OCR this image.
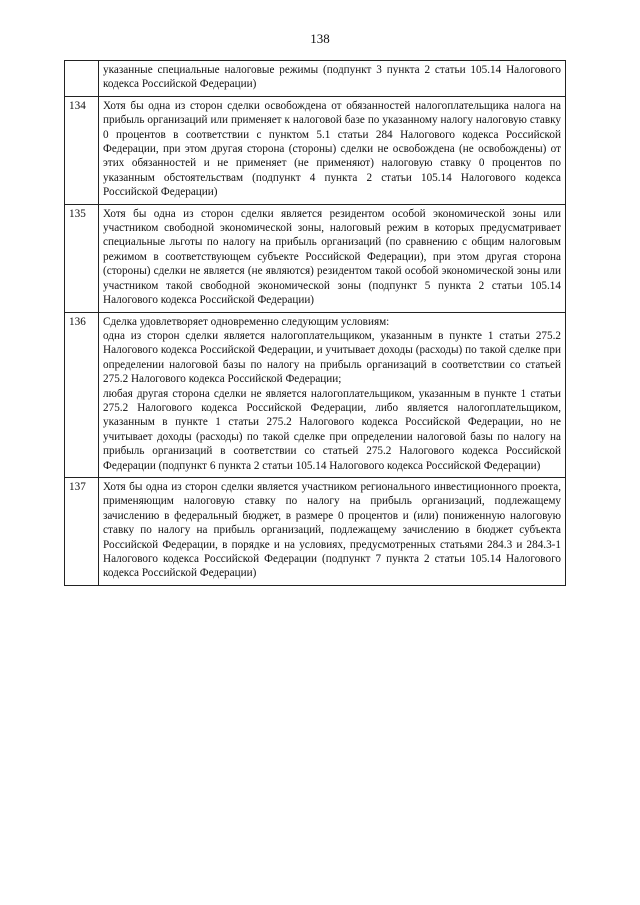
138

	указанные специальные налоговые режимы (подпункт 3 пункта 2 статьи 105.14 Налогового кодекса Российской Федерации)

134	Хотя бы одна из сторон сделки освобождена от обязанностей налогоплательщика налога на прибыль организаций или применяет к налоговой базе по указанному налогу налоговую ставку 0 процентов в соответствии с пунктом 5.1 статьи 284 Налогового кодекса Российской Федерации, при этом другая сторона (стороны) сделки не освобождена (не освобождены) от этих обязанностей и не применяет (не применяют) налоговую ставку 0 процентов по указанным обстоятельствам (подпункт 4 пункта 2 статьи 105.14 Налогового кодекса Российской Федерации)

135	Хотя бы одна из сторон сделки является резидентом особой экономической зоны или участником свободной экономической зоны, налоговый режим в которых предусматривает специальные льготы по налогу на прибыль организаций (по сравнению с общим налоговым режимом в соответствующем субъекте Российской Федерации), при этом другая сторона (стороны) сделки не является (не являются) резидентом такой особой экономической зоны или участником такой свободной экономической зоны (подпункт 5 пункта 2 статьи 105.14 Налогового кодекса Российской Федерации)

136	Сделка удовлетворяет одновременно следующим условиям:
одна из сторон сделки является налогоплательщиком, указанным в пункте 1 статьи 275.2 Налогового кодекса Российской Федерации, и учитывает доходы (расходы) по такой сделке при определении налоговой базы по налогу на прибыль организаций в соответствии со статьей 275.2 Налогового кодекса Российской Федерации;
любая другая сторона сделки не является налогоплательщиком, указанным в пункте 1 статьи 275.2 Налогового кодекса Российской Федерации, либо является налогоплательщиком, указанным в пункте 1 статьи 275.2 Налогового кодекса Российской Федерации, но не учитывает доходы (расходы) по такой сделке при определении налоговой базы по налогу на прибыль организаций в соответствии со статьей 275.2 Налогового кодекса Российской Федерации (подпункт 6 пункта 2 статьи 105.14 Налогового кодекса Российской Федерации)

137	Хотя бы одна из сторон сделки является участником регионального инвестиционного проекта, применяющим налоговую ставку по налогу на прибыль организаций, подлежащему зачислению в федеральный бюджет, в размере 0 процентов и (или) пониженную налоговую ставку по налогу на прибыль организаций, подлежащему зачислению в бюджет субъекта Российской Федерации, в порядке и на условиях, предусмотренных статьями 284.3 и 284.3-1 Налогового кодекса Российской Федерации (подпункт 7 пункта 2 статьи 105.14 Налогового кодекса Российской Федерации)
